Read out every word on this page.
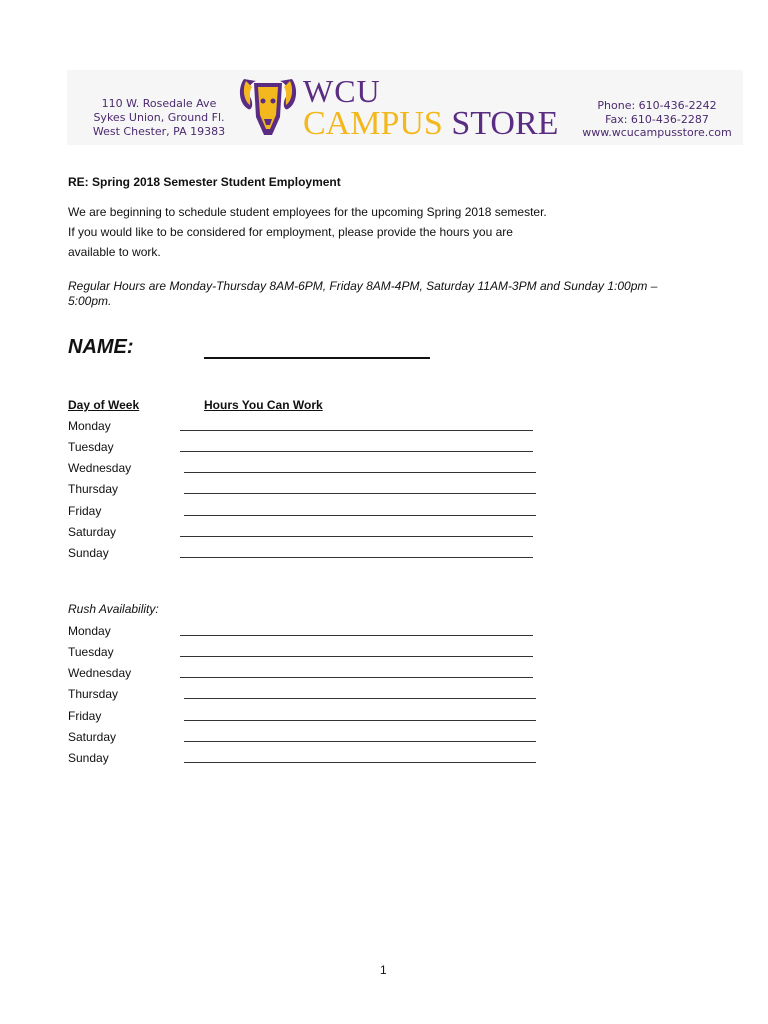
110 W. Rosedale Ave
Sykes Union, Ground Fl.
West Chester, PA 19383
WCU
CAMPUS STORE	Phone: 610-436-2242
Fax: 610-436-2287
www.wcucampusstore.com
RE: Spring 2018 Semester Student Employment
We are beginning to schedule student employees for the upcoming Spring 2018 semester.
If you would like to be considered for employment, please provide the hours you are
available to work.
Regular Hours are Monday-Thursday 8AM-6PM, Friday 8AM-4PM, Saturday 11AM-3PM and Sunday 1:00pm – 5:00pm.
NAME:
Day of Week	Hours You Can Work
Monday
Tuesday
Wednesday
Thursday
Friday
Saturday
Sunday
Rush Availability:
Monday
Tuesday
Wednesday
Thursday
Friday
Saturday
Sunday
1
